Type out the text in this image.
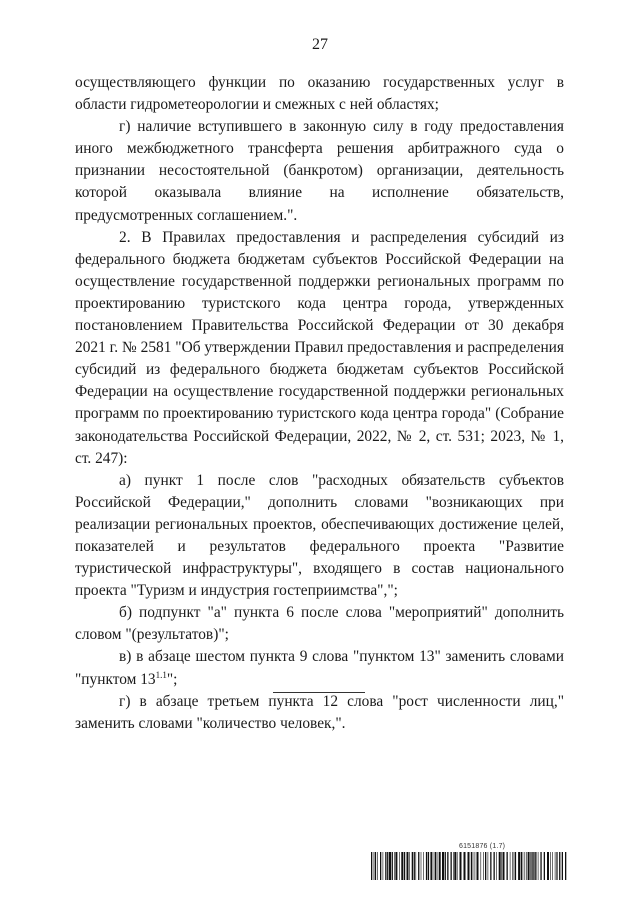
27

осуществляющего функции по оказанию государственных услуг в области гидрометеорологии и смежных с ней областях;

г) наличие вступившего в законную силу в году предоставления иного межбюджетного трансферта решения арбитражного суда о признании несостоятельной (банкротом) организации, деятельность которой оказывала влияние на исполнение обязательств, предусмотренных соглашением.".

2. В Правилах предоставления и распределения субсидий из федерального бюджета бюджетам субъектов Российской Федерации на осуществление государственной поддержки региональных программ по проектированию туристского кода центра города, утвержденных постановлением Правительства Российской Федерации от 30 декабря 2021 г. № 2581 "Об утверждении Правил предоставления и распределения субсидий из федерального бюджета бюджетам субъектов Российской Федерации на осуществление государственной поддержки региональных программ по проектированию туристского кода центра города" (Собрание законодательства Российской Федерации, 2022, № 2, ст. 531; 2023, № 1, ст. 247):

а) пункт 1 после слов "расходных обязательств субъектов Российской Федерации," дополнить словами "возникающих при реализации региональных проектов, обеспечивающих достижение целей, показателей и результатов федерального проекта "Развитие туристической инфраструктуры", входящего в состав национального проекта "Туризм и индустрия гостеприимства",";

б) подпункт "а" пункта 6 после слова "мероприятий" дополнить словом "(результатов)";

в) в абзаце шестом пункта 9 слова "пунктом 13" заменить словами "пунктом $13^{1.1}$";

г) в абзаце третьем пункта 12 слова "рост численности лиц," заменить словами "количество человек,".

6151876 (1.7)
